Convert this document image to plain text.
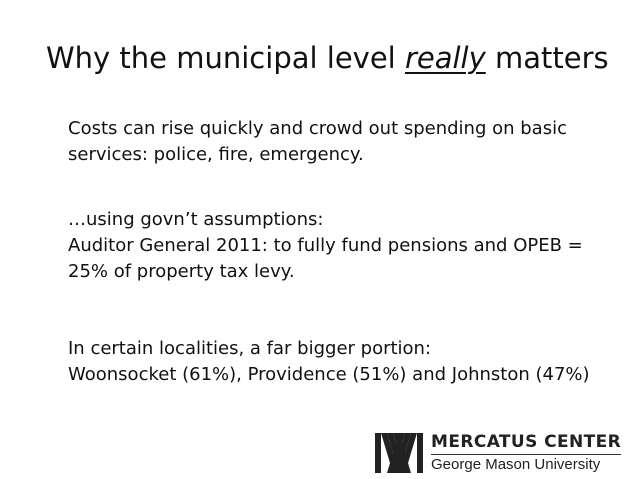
Why the municipal level really matters

Costs can rise quickly and crowd out spending on basic services: police, fire, emergency.

…using govn’t assumptions:

Auditor General 2011: to fully fund pensions and OPEB = 25% of property tax levy.

In certain localities, a far bigger portion:

Woonsocket (61%), Providence (51%) and Johnston (47%)

MERCATUS CENTER
George Mason University
